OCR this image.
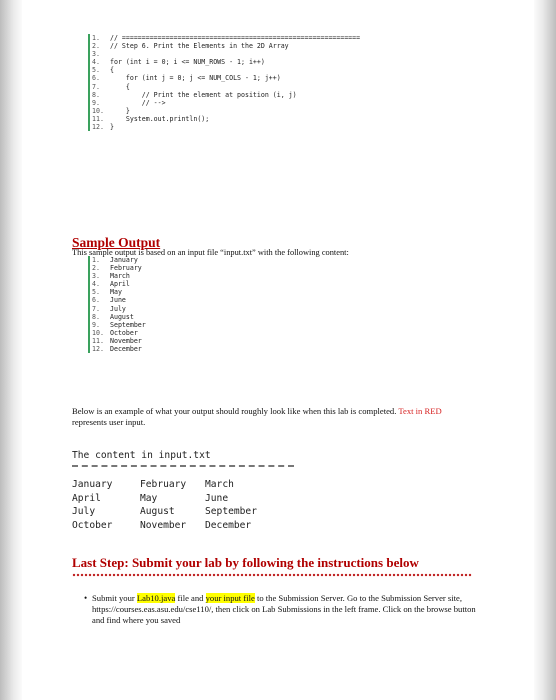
1.	// ============================================================
2.	// Step 6. Print the Elements in the 2D Array
3.
4.	for (int i = 0; i <= NUM_ROWS - 1; i++)
5.	{
6.	for (int j = 0; j <= NUM_COLS - 1; j++)
7.	{
8.	// Print the element at position (i, j)
9.	// -->
10. }
11. System.out.println();
12. }
Sample Output
This sample output is based on an input file “input.txt” with the following content:
1.	January
2.	February
3.	March
4.	April
5.	May
6.	June
7.	July
8.	August
9.	September
10. October
11. November
12. December
Below is an example of what your output should roughly look like when this lab is completed. Text in RED represents user input.
The content in input.txt
January	February	March
April	May	June
July	August	September
October	November	December
Last Step: Submit your lab by following the instructions below
• Submit your Lab10.java file and your input file to the Submission Server. Go to the Submission Server site, https://courses.eas.asu.edu/cse110/, then click on Lab Submissions in the left frame. Click on the browse button and find where you saved
